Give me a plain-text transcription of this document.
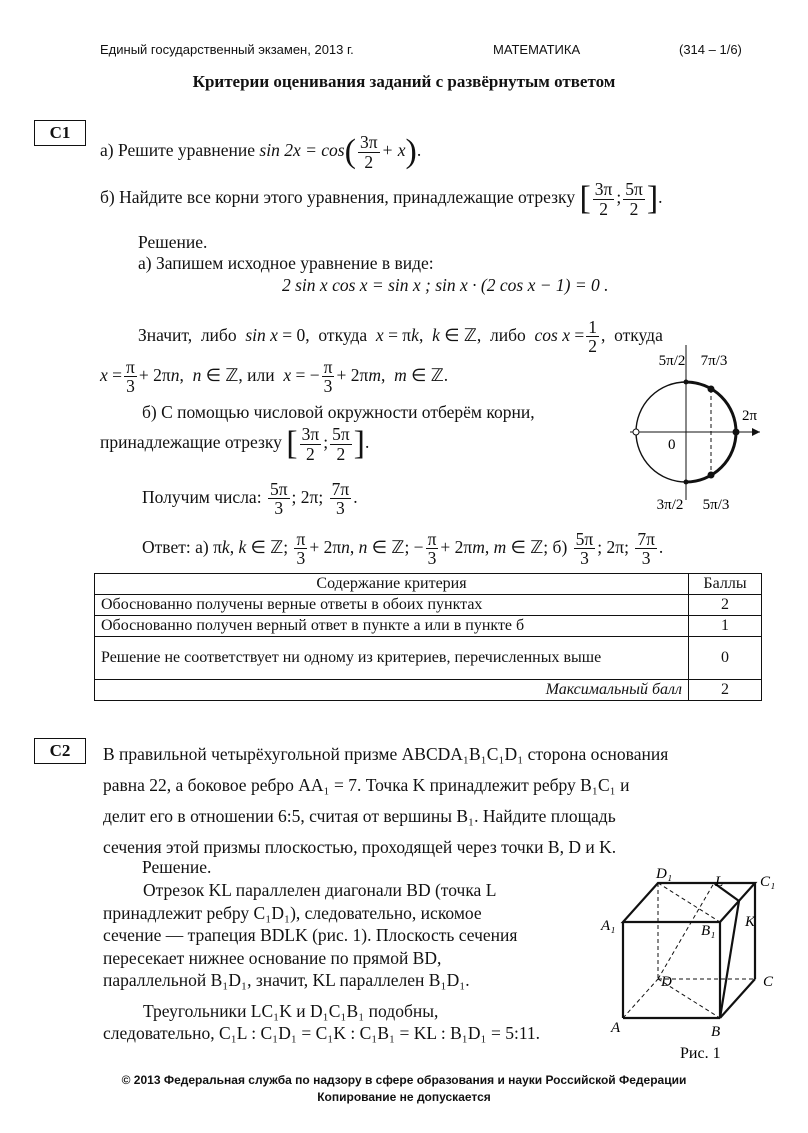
Единый государственный экзамен, 2013 г.	МАТЕМАТИКА	(314 – 1/6)
Критерии оценивания заданий с развёрнутым ответом
С1
а) Решите уравнение $\sin 2x = \cos( \frac{3\pi}{2} + x)$.
б) Найдите все корни этого уравнения, принадлежащие отрезку [ $\frac{3\pi}{2}$ ; $\frac{5\pi}{2}$ ].
Решение.
а) Запишем исходное уравнение в виде:
2 sin x cos x = sin x ; sin x · (2 cos x − 1) = 0 .
Значит,  либо  sin x = 0,  откуда  x = πk,  k ∈ ℤ,  либо  $\cos x = \frac{1}{2}$ ,  откуда
$x = \frac{\pi}{3} + 2\pi n$,  n ∈ ℤ, или  x = − $\frac{\pi}{3} + 2\pi m$,  m ∈ ℤ.
б) С помощью числовой окружности отберём корни,
принадлежащие отрезку [ $\frac{3\pi}{2}$ ; $\frac{5\pi}{2}$ ].
Получим числа: $\frac{5\pi}{3}$ ; 2π; $\frac{7\pi}{3}$ .
Ответ: а) πk, k ∈ ℤ; $\frac{\pi}{3} + 2\pi n$, n ∈ ℤ; − $\frac{\pi}{3} + 2\pi m$, m ∈ ℤ; $б) \frac{5\pi}{3}$ ; 2π; $\frac{7\pi}{3}$ .
5π/2 7π/3
2π
0
3π/2 5π/3
Содержание критерия	Баллы
Обоснованно получены верные ответы в обоих пунктах	2
Обоснованно получен верный ответ в пункте а или в пункте б	1
Решение не соответствует ни одному из критериев, перечисленных выше	0
Максимальный балл	2
С2	В правильной четырёхугольной призме ABCDA₁B₁C₁D₁ сторона основания
равна 22, а боковое ребро AA₁ = 7. Точка K принадлежит ребру B₁C₁ и
делит его в отношении 6:5, считая от вершины B₁. Найдите площадь
сечения этой призмы плоскостью, проходящей через точки B, D и K.
Решение.
Отрезок KL параллелен диагонали BD (точка L
принадлежит ребру C₁D₁), следовательно, искомое
сечение — трапеция BDLK (рис. 1). Плоскость сечения
пересекает нижнее основание по прямой BD,
параллельной B₁D₁, значит, KL параллелен B₁D₁.
Треугольники LC₁K и D₁C₁B₁ подобны,
следовательно, C₁L : C₁D₁ = C₁K : C₁B₁ = KL : B₁D₁ = 5:11.
D₁	L C₁
A₁	B₁
K
D	C
A	B
Рис. 1
© 2013 Федеральная служба по надзору в сфере образования и науки Российской Федерации
Копирование не допускается
